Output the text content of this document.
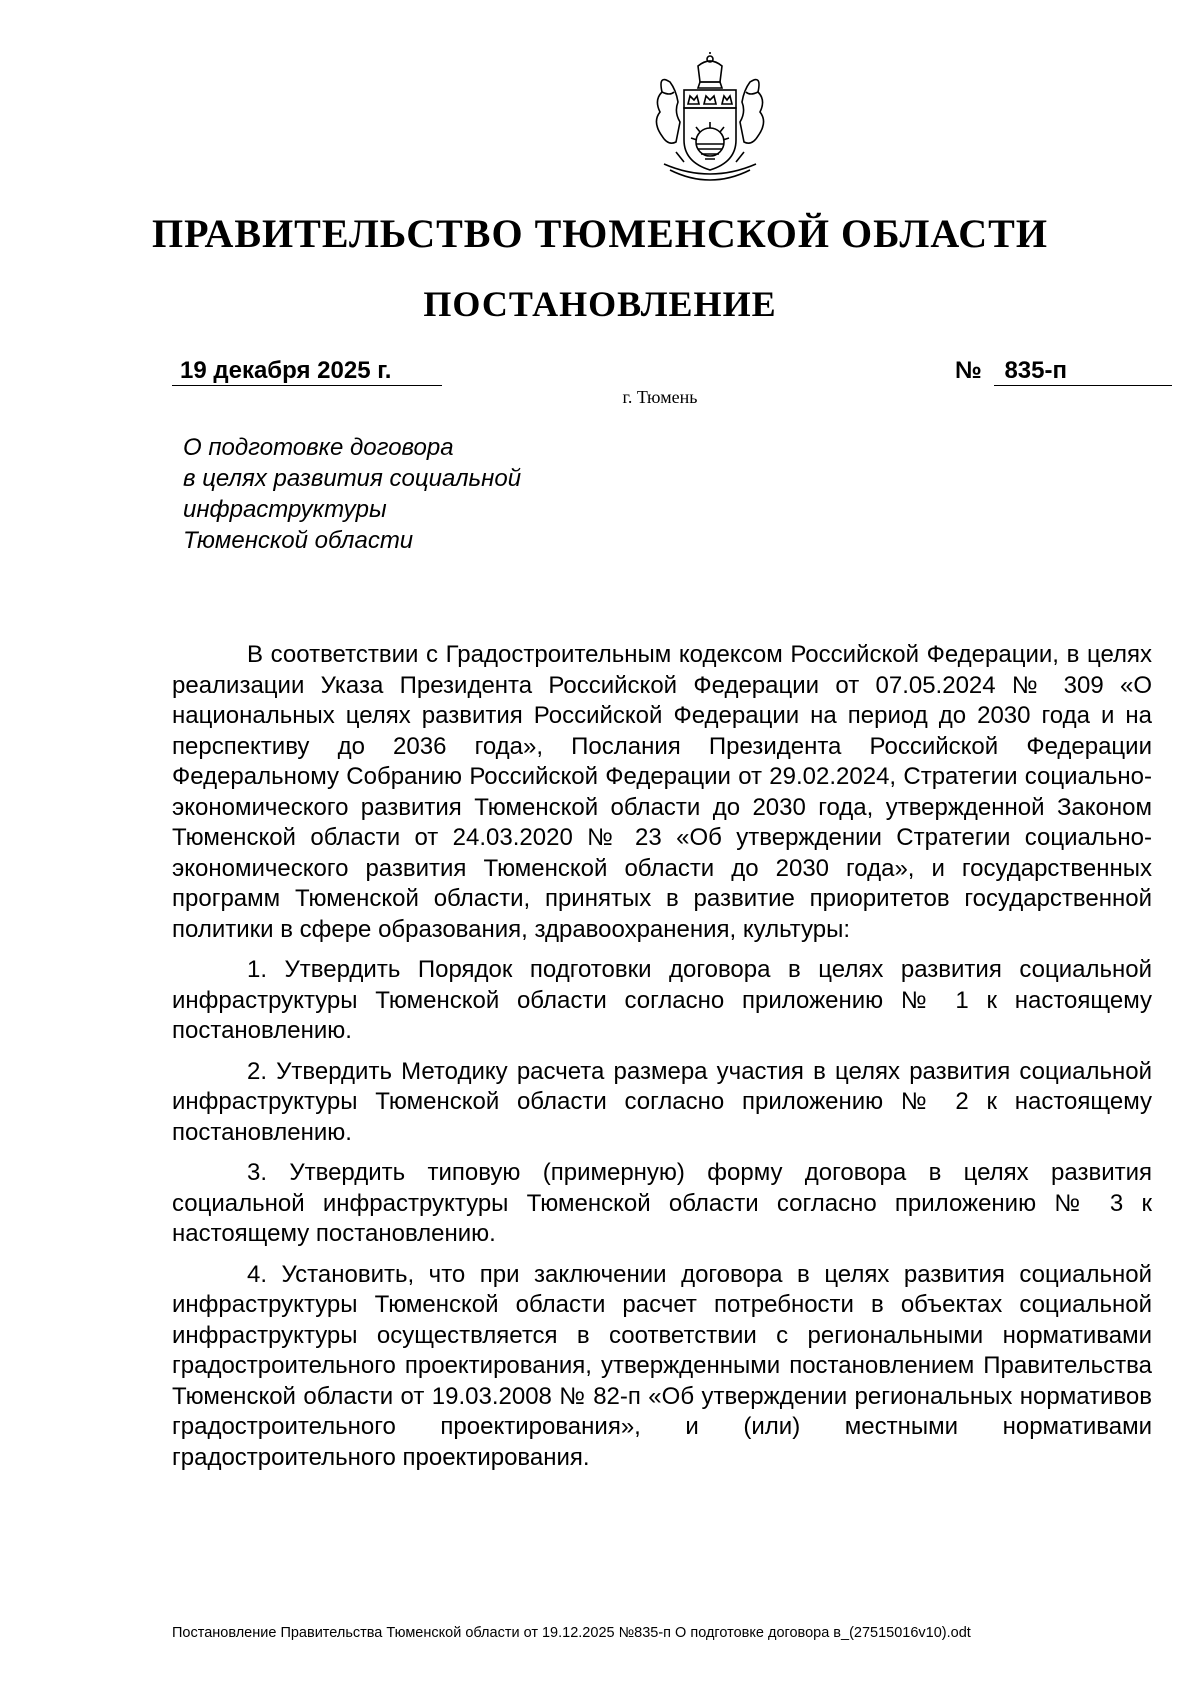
ПРАВИТЕЛЬСТВО ТЮМЕНСКОЙ ОБЛАСТИ
ПОСТАНОВЛЕНИЕ
19 декабря 2025 г.	№ 835-п
г. Тюмень
О подготовке договора
в целях развития социальной
инфраструктуры
Тюменской области

В соответствии с Градостроительным кодексом Российской Федерации, в целях реализации Указа Президента Российской Федерации от 07.05.2024 № 309 «О национальных целях развития Российской Федерации на период до 2030 года и на перспективу до 2036 года», Послания Президента Российской Федерации Федеральному Собранию Российской Федерации от 29.02.2024, Стратегии социально-экономического развития Тюменской области до 2030 года, утвержденной Законом Тюменской области от 24.03.2020 № 23 «Об утверждении Стратегии социально-экономического развития Тюменской области до 2030 года», и государственных программ Тюменской области, принятых в развитие приоритетов государственной политики в сфере образования, здравоохранения, культуры:

1. Утвердить Порядок подготовки договора в целях развития социальной инфраструктуры Тюменской области согласно приложению № 1 к настоящему постановлению.

2. Утвердить Методику расчета размера участия в целях развития социальной инфраструктуры Тюменской области согласно приложению № 2 к настоящему постановлению.

3. Утвердить типовую (примерную) форму договора в целях развития социальной инфраструктуры Тюменской области согласно приложению № 3 к настоящему постановлению.

4. Установить, что при заключении договора в целях развития социальной инфраструктуры Тюменской области расчет потребности в объектах социальной инфраструктуры осуществляется в соответствии с региональными нормативами градостроительного проектирования, утвержденными постановлением Правительства Тюменской области от 19.03.2008 № 82-п «Об утверждении региональных нормативов градостроительного проектирования», и (или) местными нормативами градостроительного проектирования.

Постановление Правительства Тюменской области от 19.12.2025 №835-п О подготовке договора в_(27515016v10).odt
